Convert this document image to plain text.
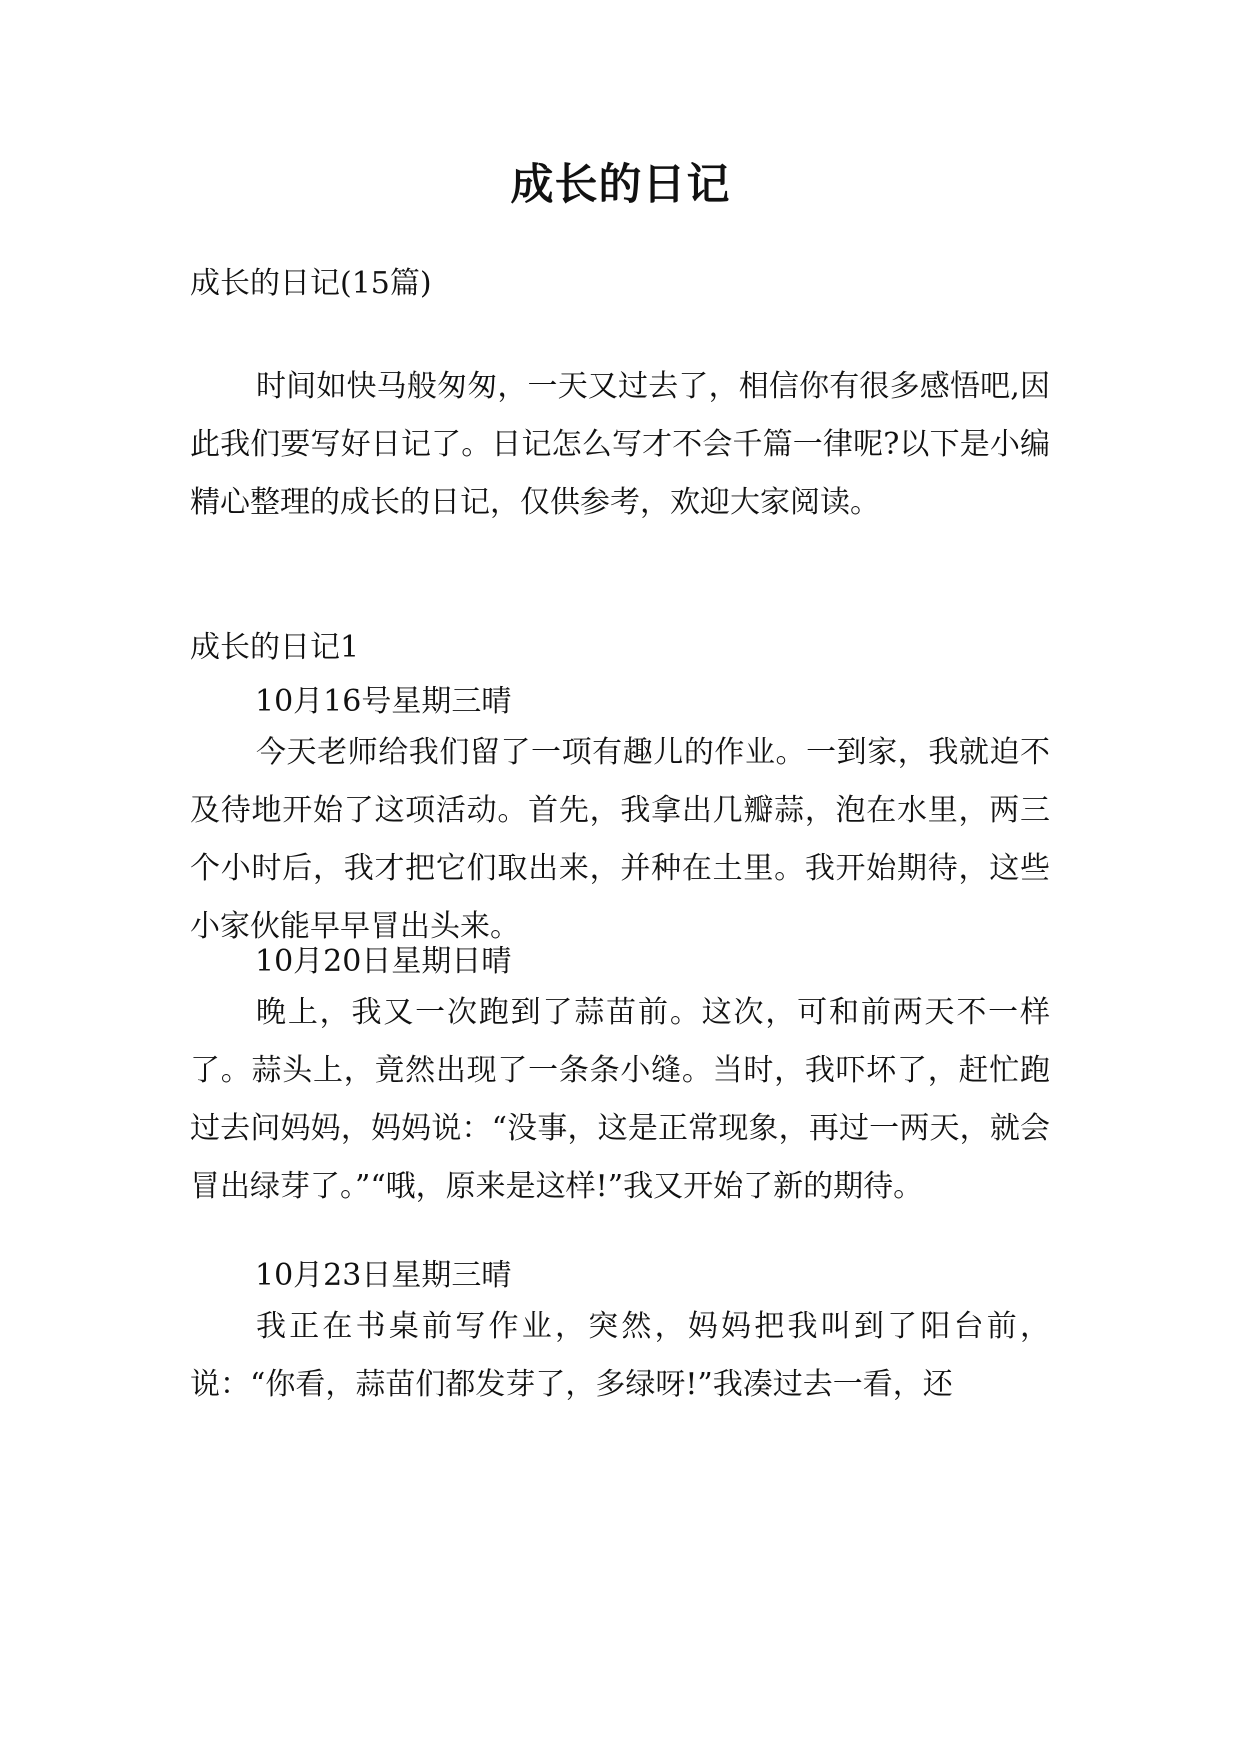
成长的日记
成长的日记(15篇)

时间如快马般匆匆，一天又过去了，相信你有很多感悟吧,因此我们要写好日记了。日记怎么写才不会千篇一律呢?以下是小编精心整理的成长的日记，仅供参考，欢迎大家阅读。

成长的日记1
10月16号星期三晴

今天老师给我们留了一项有趣儿的作业。一到家，我就迫不及待地开始了这项活动。首先，我拿出几瓣蒜，泡在水里，两三个小时后，我才把它们取出来，并种在土里。我开始期待，这些小家伙能早早冒出头来。

10月20日星期日晴

晚上，我又一次跑到了蒜苗前。这次，可和前两天不一样了。蒜头上，竟然出现了一条条小缝。当时，我吓坏了，赶忙跑过去问妈妈，妈妈说：“没事，这是正常现象，再过一两天，就会冒出绿芽了。”“哦，原来是这样!”我又开始了新的期待。

10月23日星期三晴

我正在书桌前写作业，突然，妈妈把我叫到了阳台前，说：“你看，蒜苗们都发芽了，多绿呀!”我凑过去一看，还
